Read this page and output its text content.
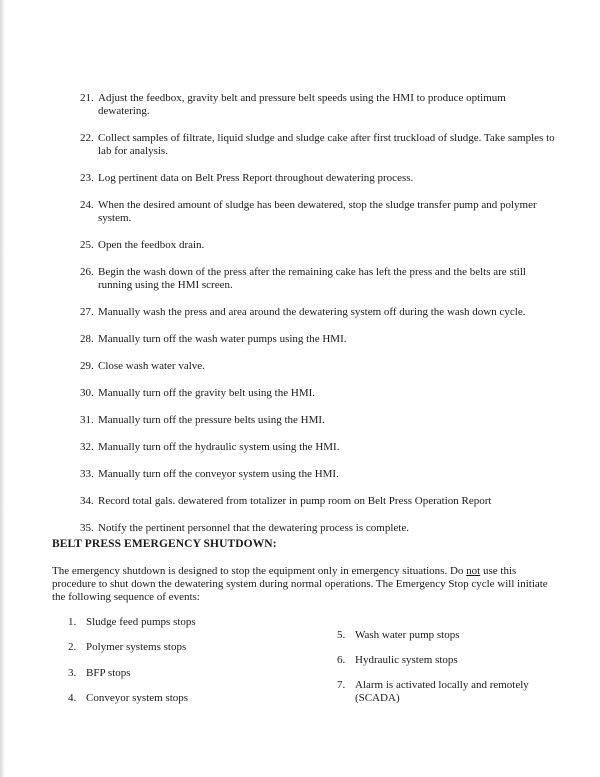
21. Adjust the feedbox, gravity belt and pressure belt speeds using the HMI to produce optimum dewatering.
22. Collect samples of filtrate, liquid sludge and sludge cake after first truckload of sludge. Take samples to lab for analysis.
23. Log pertinent data on Belt Press Report throughout dewatering process.
24. When the desired amount of sludge has been dewatered, stop the sludge transfer pump and polymer system.
25. Open the feedbox drain.
26. Begin the wash down of the press after the remaining cake has left the press and the belts are still running using the HMI screen.
27. Manually wash the press and area around the dewatering system off during the wash down cycle.
28. Manually turn off the wash water pumps using the HMI.
29. Close wash water valve.
30. Manually turn off the gravity belt using the HMI.
31. Manually turn off the pressure belts using the HMI.
32. Manually turn off the hydraulic system using the HMI.
33. Manually turn off the conveyor system using the HMI.
34. Record total gals. dewatered from totalizer in pump room on Belt Press Operation Report
35. Notify the pertinent personnel that the dewatering process is complete.
BELT PRESS EMERGENCY SHUTDOWN:
The emergency shutdown is designed to stop the equipment only in emergency situations. Do not use this procedure to shut down the dewatering system during normal operations. The Emergency Stop cycle will initiate the following sequence of events:
1. Sludge feed pumps stops
2. Polymer systems stops
3. BFP stops
4. Conveyor system stops
5. Wash water pump stops
6. Hydraulic system stops
7. Alarm is activated locally and remotely (SCADA)
